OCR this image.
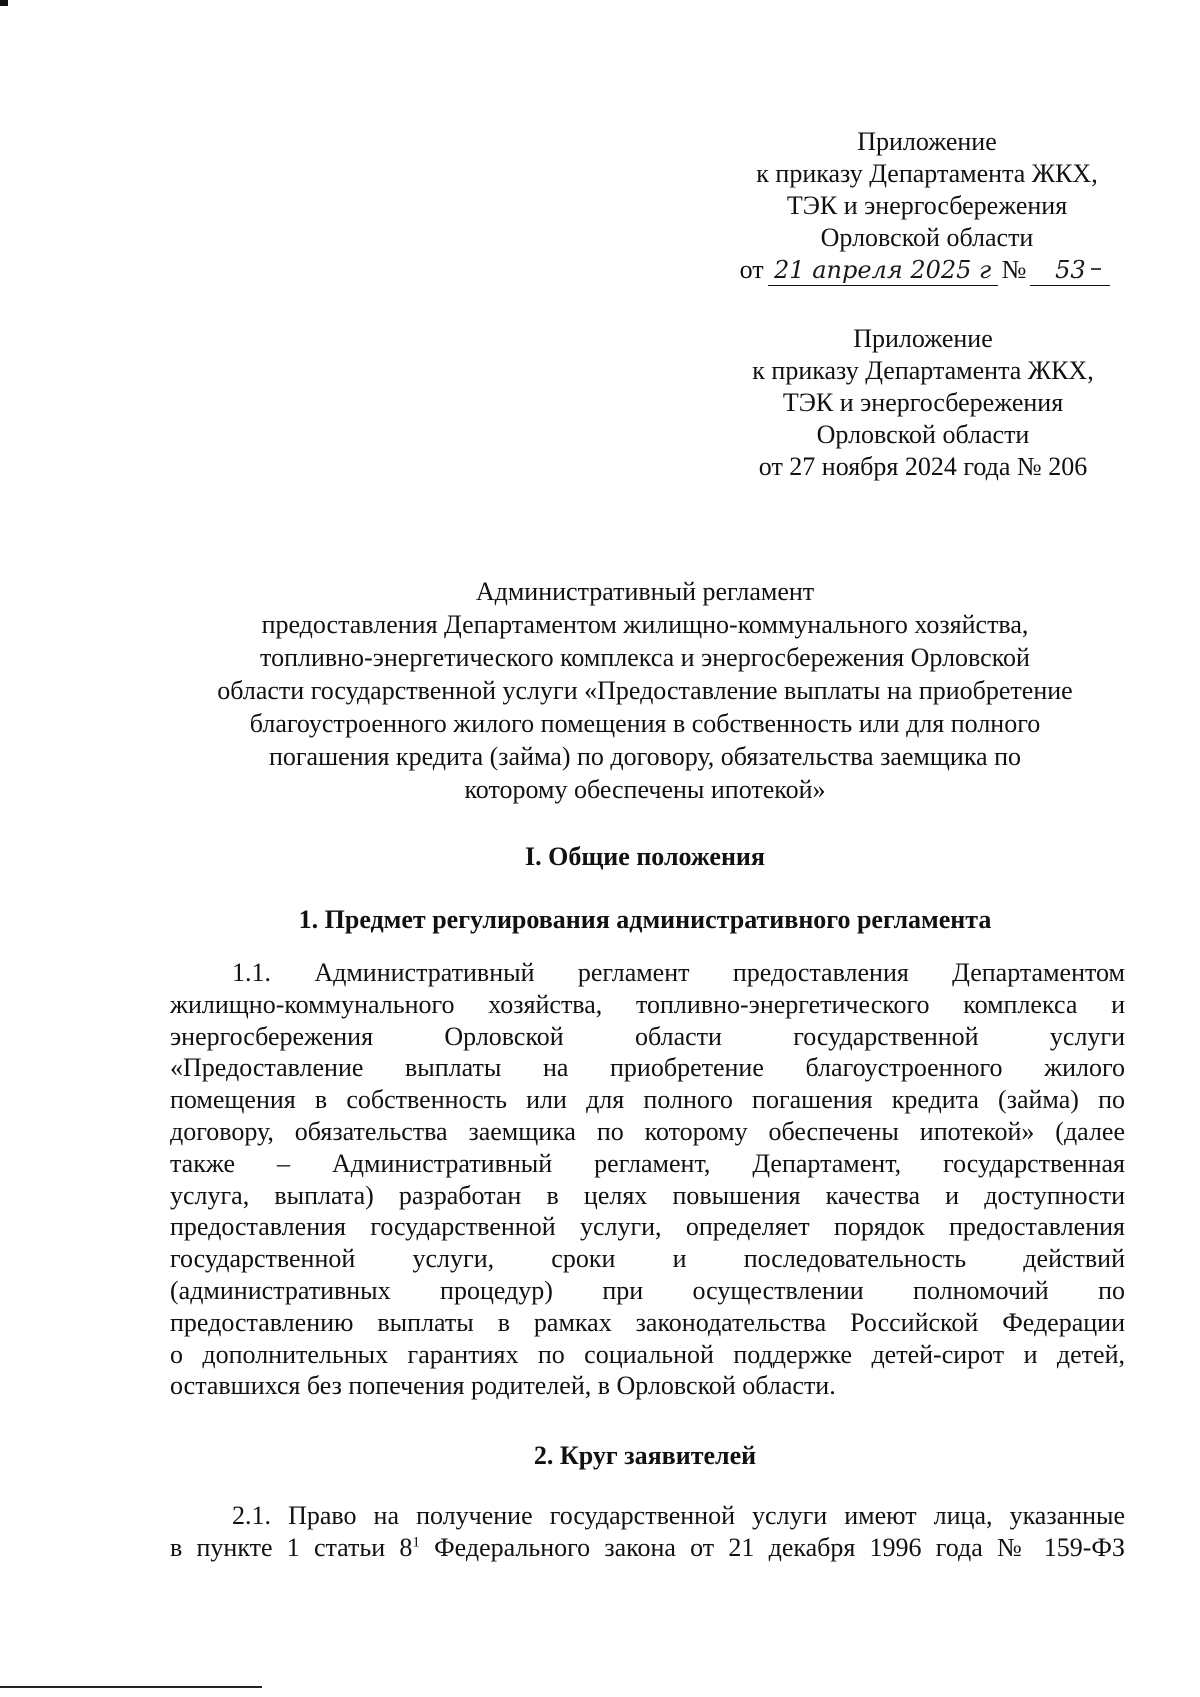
Приложение
к приказу Департамента ЖКХ,
ТЭК и энергосбережения
Орловской области
от 21 апреля 2025 г №	53
Приложение
к приказу Департамента ЖКХ,
ТЭК и энергосбережения
Орловской области
от 27 ноября 2024 года № 206
Административный регламент
предоставления Департаментом жилищно-коммунального хозяйства,
топливно-энергетического комплекса и энергосбережения Орловской
области государственной услуги «Предоставление выплаты на приобретение
благоустроенного жилого помещения в собственность или для полного
погашения кредита (займа) по договору, обязательства заемщика по
которому обеспечены ипотекой»
I. Общие положения
1. Предмет регулирования административного регламента
1.1. Административный регламент предоставления Департаментом
жилищно-коммунального хозяйства, топливно-энергетического комплекса и
энергосбережения Орловской области государственной услуги
«Предоставление выплаты на приобретение благоустроенного жилого
помещения в собственность или для полного погашения кредита (займа) по
договору, обязательства заемщика по которому обеспечены ипотекой» (далее
также – Административный регламент, Департамент, государственная
услуга, выплата) разработан в целях повышения качества и доступности
предоставления государственной услуги, определяет порядок предоставления
государственной услуги, сроки и последовательность действий
(административных процедур) при осуществлении полномочий по
предоставлению выплаты в рамках законодательства Российской Федерации
о дополнительных гарантиях по социальной поддержке детей-сирот и детей,
оставшихся без попечения родителей, в Орловской области.
2. Круг заявителей
2.1. Право на получение государственной услуги имеют лица, указанные
в пункте 1 статьи $8^1$ Федерального закона от 21 декабря 1996 года № 159-ФЗ
